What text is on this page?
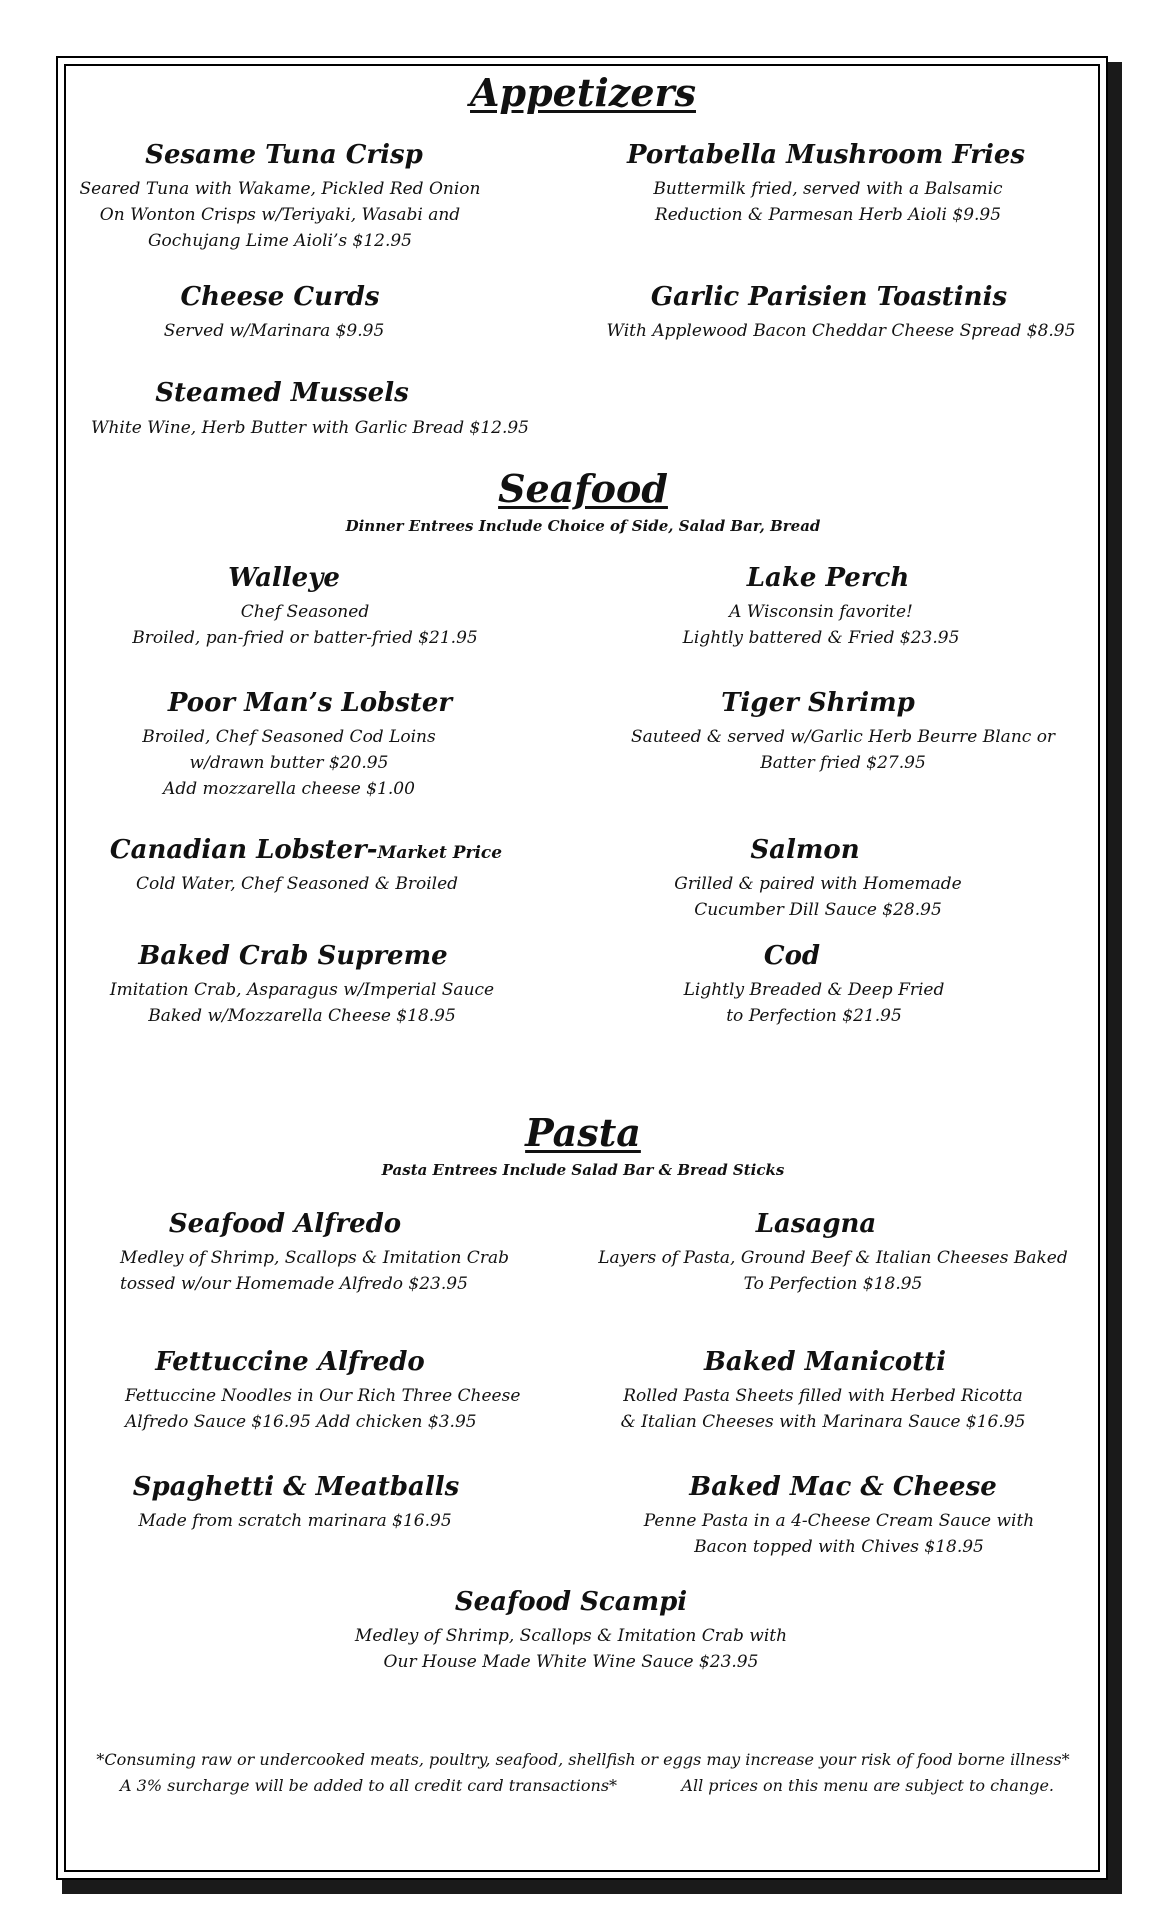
Appetizers
Sesame Tuna Crisp
Seared Tuna with Wakame, Pickled Red Onion
On Wonton Crisps w/Teriyaki, Wasabi and
Gochujang Lime Aioli’s $12.95
Portabella Mushroom Fries
Buttermilk fried, served with a Balsamic
Reduction & Parmesan Herb Aioli $9.95
Cheese Curds
Served w/Marinara $9.95
Garlic Parisien Toastinis
With Applewood Bacon Cheddar Cheese Spread $8.95
Steamed Mussels
White Wine, Herb Butter with Garlic Bread $12.95
Seafood
Dinner Entrees Include Choice of Side, Salad Bar, Bread
Walleye
Chef Seasoned
Broiled, pan-fried or batter-fried $21.95
Lake Perch
A Wisconsin favorite!
Lightly battered & Fried $23.95
Poor Man’s Lobster
Broiled, Chef Seasoned Cod Loins
w/drawn butter $20.95
Add mozzarella cheese $1.00
Tiger Shrimp
Sauteed & served w/Garlic Herb Beurre Blanc or
Batter fried $27.95
Canadian Lobster-Market Price
Cold Water, Chef Seasoned & Broiled
Salmon
Grilled & paired with Homemade
Cucumber Dill Sauce $28.95
Baked Crab Supreme
Imitation Crab, Asparagus w/Imperial Sauce
Baked w/Mozzarella Cheese $18.95
Cod
Lightly Breaded & Deep Fried
to Perfection $21.95
Pasta
Pasta Entrees Include Salad Bar & Bread Sticks
Seafood Alfredo
Medley of Shrimp, Scallops & Imitation Crab
tossed w/our Homemade Alfredo $23.95
Lasagna
Layers of Pasta, Ground Beef & Italian Cheeses Baked
To Perfection $18.95
Fettuccine Alfredo
Fettuccine Noodles in Our Rich Three Cheese
Alfredo Sauce $16.95 Add chicken $3.95
Baked Manicotti
Rolled Pasta Sheets filled with Herbed Ricotta
& Italian Cheeses with Marinara Sauce $16.95
Spaghetti & Meatballs
Made from scratch marinara $16.95
Baked Mac & Cheese
Penne Pasta in a 4-Cheese Cream Sauce with
Bacon topped with Chives $18.95
Seafood Scampi
Medley of Shrimp, Scallops & Imitation Crab with
Our House Made White Wine Sauce $23.95
*Consuming raw or undercooked meats, poultry, seafood, shellfish or eggs may increase your risk of food borne illness*
A 3% surcharge will be added to all credit card transactions*	All prices on this menu are subject to change.
